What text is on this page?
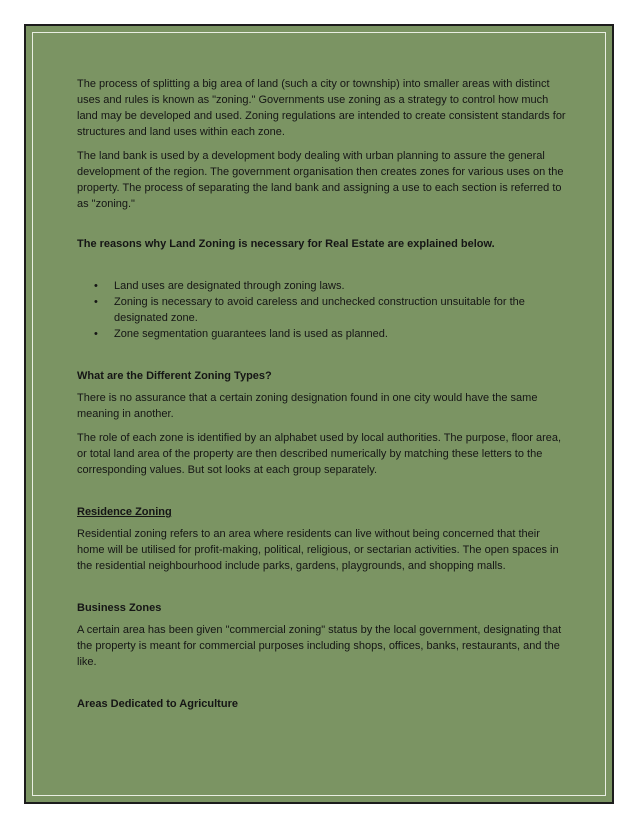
The process of splitting a big area of land (such a city or township) into smaller areas with distinct uses and rules is known as "zoning." Governments use zoning as a strategy to control how much land may be developed and used. Zoning regulations are intended to create consistent standards for structures and land uses within each zone.

The land bank is used by a development body dealing with urban planning to assure the general development of the region. The government organisation then creates zones for various uses on the property. The process of separating the land bank and assigning a use to each section is referred to as "zoning."

The reasons why Land Zoning is necessary for Real Estate are explained below.

• Land uses are designated through zoning laws.
• Zoning is necessary to avoid careless and unchecked construction unsuitable for the designated zone.
• Zone segmentation guarantees land is used as planned.

What are the Different Zoning Types?

There is no assurance that a certain zoning designation found in one city would have the same meaning in another.

The role of each zone is identified by an alphabet used by local authorities. The purpose, floor area, or total land area of the property are then described numerically by matching these letters to the corresponding values. But sot looks at each group separately.

Residence Zoning

Residential zoning refers to an area where residents can live without being concerned that their home will be utilised for profit-making, political, religious, or sectarian activities. The open spaces in the residential neighbourhood include parks, gardens, playgrounds, and shopping malls.

Business Zones

A certain area has been given "commercial zoning" status by the local government, designating that the property is meant for commercial purposes including shops, offices, banks, restaurants, and the like.

Areas Dedicated to Agriculture
